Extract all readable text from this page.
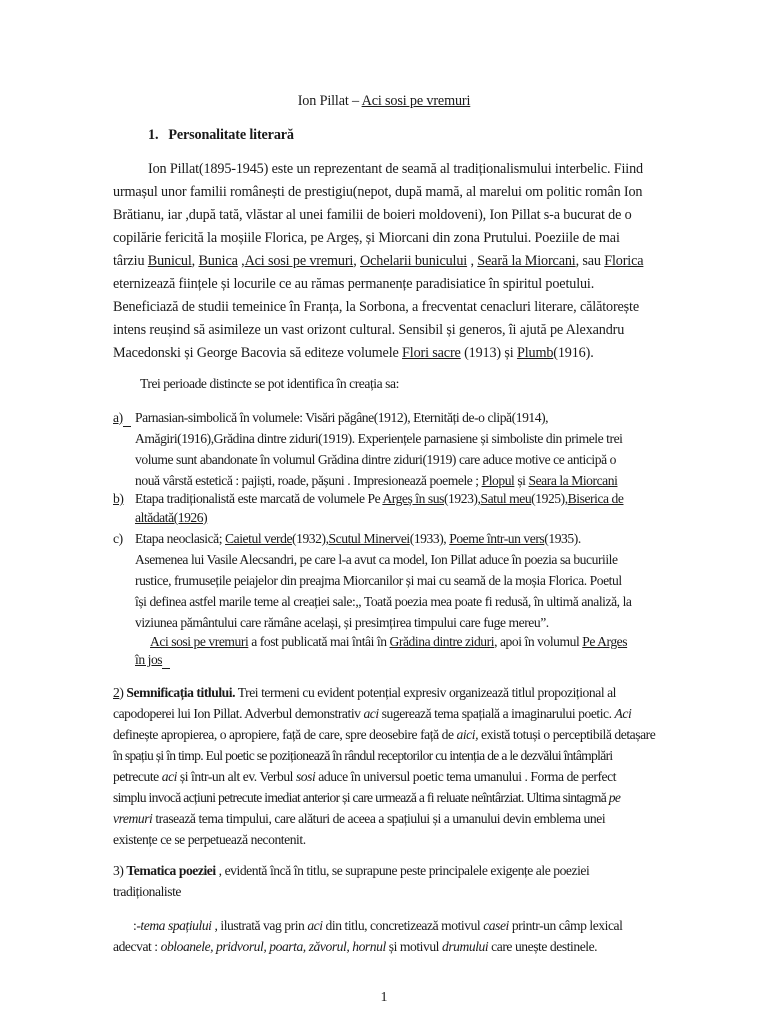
Ion Pillat – Aci sosi pe vremuri
1. Personalitate literară
Ion Pillat(1895-1945) este un reprezentant de seamă al tradiționalismului interbelic. Fiind
urmașul unor familii românești de prestigiu(nepot, după mamă, al marelui om politic român Ion
Brătianu, iar ,după tată, vlăstar al unei familii de boieri moldoveni), Ion Pillat s-a bucurat de o
copilărie fericită la moșiile Florica, pe Argeș, și Miorcani din zona Prutului. Poeziile de mai
târziu Bunicul, Bunica ,Aci sosi pe vremuri, Ochelarii bunicului , Seară la Miorcani, sau Florica
eternizează ființele și locurile ce au rămas permanențe paradisiatice în spiritul poetului.
Beneficiază de studii temeinice în Franța, la Sorbona, a frecventat cenacluri literare, călătorește
intens reușind să asimileze un vast orizont cultural. Sensibil și generos, îi ajută pe Alexandru
Macedonski și George Bacovia să editeze volumele Flori sacre (1913) și Plumb(1916).
Trei perioade distincte se pot identifica în creația sa:
a) Parnasian-simbolică în volumele: Visări păgâne(1912), Eternități de-o clipă(1914),
Amăgiri(1916),Grădina dintre ziduri(1919). Experiențele parnasiene și simboliste din primele trei
volume sunt abandonate în volumul Grădina dintre ziduri(1919) care aduce motive ce anticipă o
nouă vârstă estetică : pajiști, roade, pășuni . Impresionează poemele ; Plopul și Seara la Miorcani
b) Etapa tradiționalistă este marcată de volumele Pe Argeș în sus(1923),Satul meu(1925),Biserica de
altădată(1926)
c) Etapa neoclasică; Caietul verde(1932),Scutul Minervei(1933), Poeme într-un vers(1935).
Asemenea lui Vasile Alecsandri, pe care l-a avut ca model, Ion Pillat aduce în poezia sa bucuriile
rustice, frumusețile peiajelor din preajma Miorcanilor și mai cu seamă de la moșia Florica. Poetul
își definea astfel marile teme al creației sale:,, Toată poezia mea poate fi redusă, în ultimă analiză, la
viziunea pământului care rămâne același, și presimțirea timpului care fuge mereu”.
Aci sosi pe vremuri a fost publicată mai întâi în Grădina dintre ziduri, apoi în volumul Pe Arges
în jos
2) Semnificația titlului. Trei termeni cu evident potențial expresiv organizează titlul propozițional al
capodoperei lui Ion Pillat. Adverbul demonstrativ aci sugerează tema spațială a imaginarului poetic. Aci
definește apropierea, o apropiere, față de care, spre deosebire față de aici, există totuși o perceptibilă detașare
în spațiu și în timp. Eul poetic se poziționează în rândul receptorilor cu intenția de a le dezvălui întâmplări
petrecute aci și într-un alt ev. Verbul sosi aduce în universul poetic tema umanului . Forma de perfect
simplu invocă acțiuni petrecute imediat anterior și care urmează a fi reluate neîntârziat. Ultima sintagmă pe
vremuri trasează tema timpului, care alături de aceea a spațiului și a umanului devin emblema unei
existențe ce se perpetuează necontenit.
3) Tematica poeziei , evidentă încă în titlu, se suprapune peste principalele exigențe ale poeziei
tradiționaliste
1
:-tema spațiului , ilustrată vag prin aci din titlu, concretizează motivul casei printr-un câmp lexical
adecvat : obloanele, pridvorul, poarta, zăvorul, hornul și motivul drumului care unește destinele.
